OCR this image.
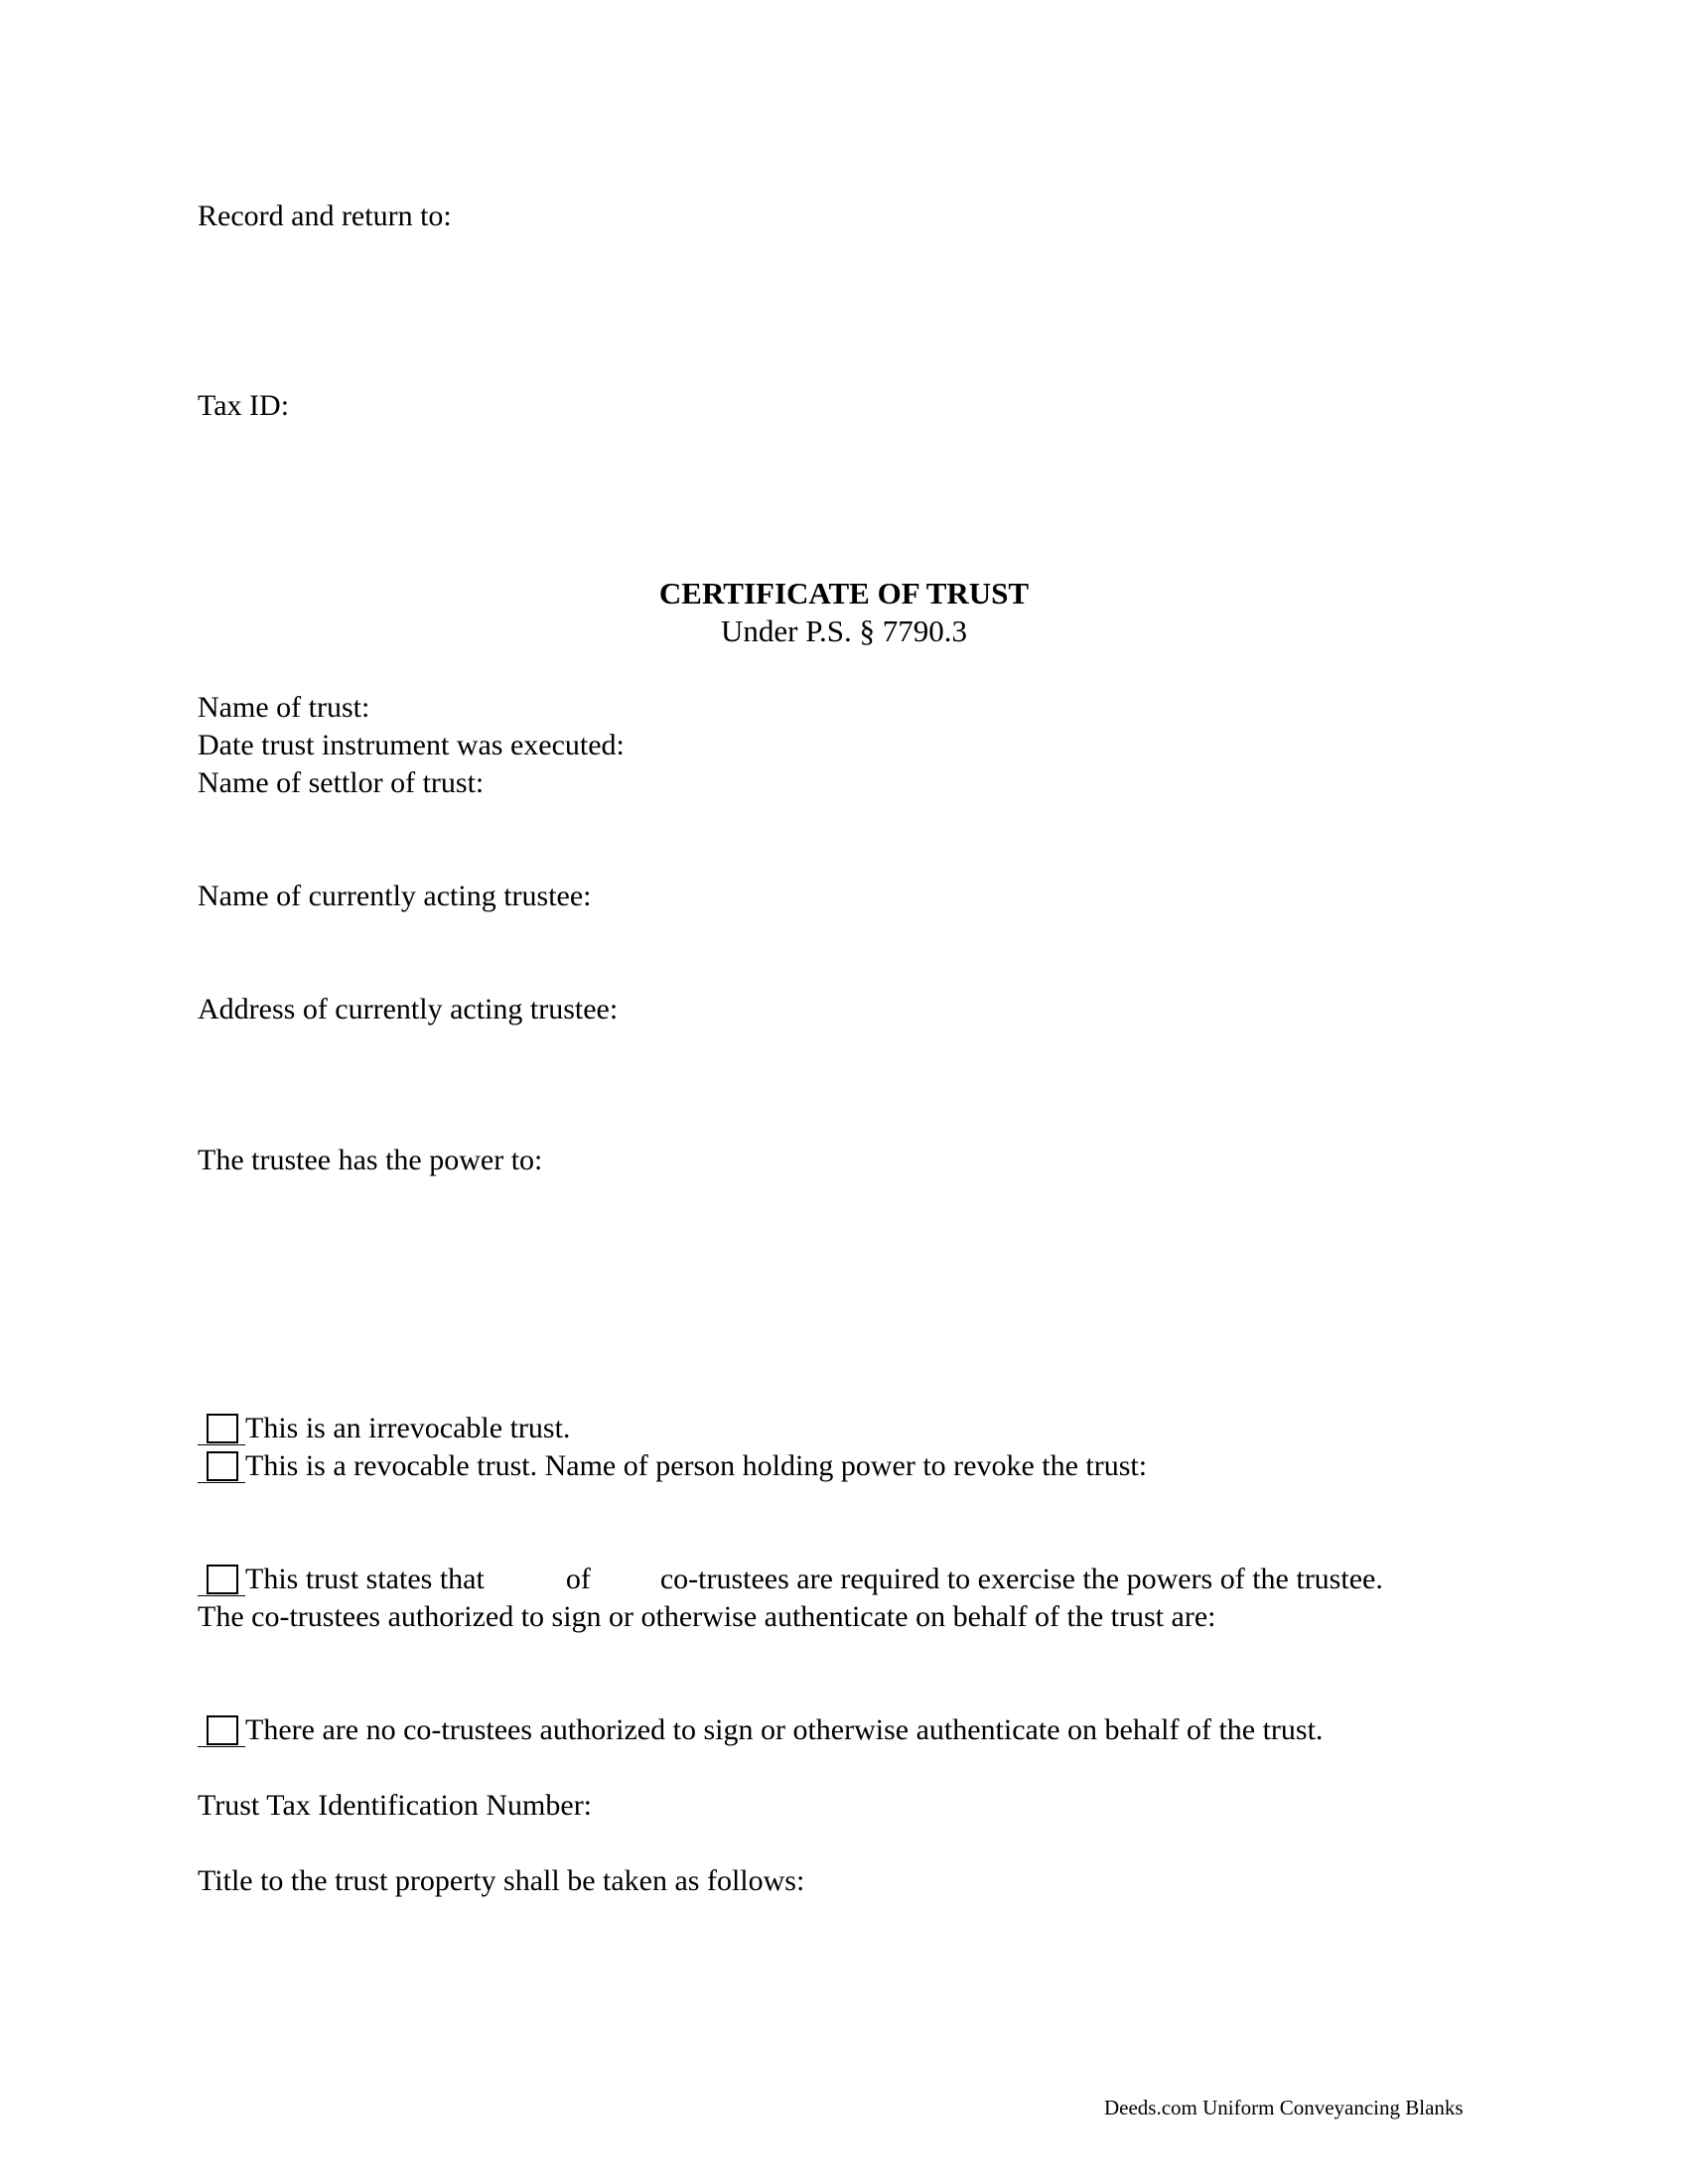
Record and return to:

Tax ID:

CERTIFICATE OF TRUST
Under P.S. § 7790.3

Name of trust:

Date trust instrument was executed:

Name of settlor of trust:

Name of currently acting trustee:

Address of currently acting trustee:

The trustee has the power to:

This is an irrevocable trust.
This is a revocable trust. Name of person holding power to revoke the trust:
This trust states that	of co-trustees are required to exercise the powers of the trustee.

The co-trustees authorized to sign or otherwise authenticate on behalf of the trust are:

There are no co-trustees authorized to sign or otherwise authenticate on behalf of the trust.

Trust Tax Identification Number:

Title to the trust property shall be taken as follows:

Deeds.com Uniform Conveyancing Blanks
